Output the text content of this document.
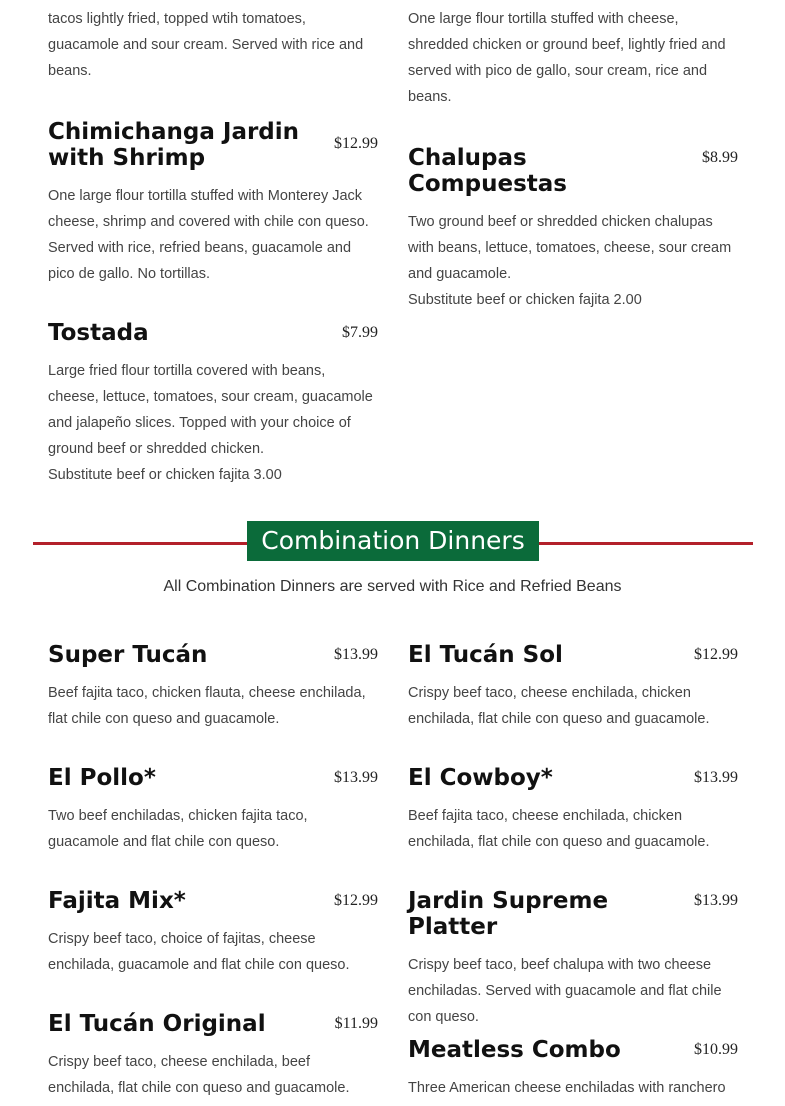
tacos lightly fried, topped wtih tomatoes, guacamole and sour cream. Served with rice and beans.

One large flour tortilla stuffed with cheese, shredded chicken or ground beef, lightly fried and served with pico de gallo, sour cream, rice and beans.

Chimichanga Jardin with Shrimp
$12.99

One large flour tortilla stuffed with Monterey Jack cheese, shrimp and covered with chile con queso. Served with rice, refried beans, guacamole and pico de gallo. No tortillas.

Chalupas Compuestas
$8.99

Two ground beef or shredded chicken chalupas with beans, lettuce, tomatoes, cheese, sour cream and guacamole.

Substitute beef or chicken fajita 2.00

Tostada	$7.99

Large fried flour tortilla covered with beans, cheese, lettuce, tomatoes, sour cream, guacamole and jalapeño slices. Topped with your choice of ground beef or shredded chicken.

Substitute beef or chicken fajita 3.00

Combination Dinners
All Combination Dinners are served with Rice and Refried Beans
Super Tucán	$13.99

Beef fajita taco, chicken flauta, cheese enchilada, flat chile con queso and guacamole.

El Tucán Sol	$12.99

Crispy beef taco, cheese enchilada, chicken enchilada, flat chile con queso and guacamole.

El Pollo*	$13.99

Two beef enchiladas, chicken fajita taco, guacamole and flat chile con queso.

El Cowboy*	$13.99

Beef fajita taco, cheese enchilada, chicken enchilada, flat chile con queso and guacamole.

Fajita Mix*	$12.99

Crispy beef taco, choice of fajitas, cheese enchilada, guacamole and flat chile con queso.

Jardin Supreme Platter
$13.99

Crispy beef taco, beef chalupa with two cheese enchiladas. Served with guacamole and flat chile con queso.

El Tucán Original	$11.99

Crispy beef taco, cheese enchilada, beef enchilada, flat chile con queso and guacamole.

Meatless Combo	$10.99

Three American cheese enchiladas with ranchero
